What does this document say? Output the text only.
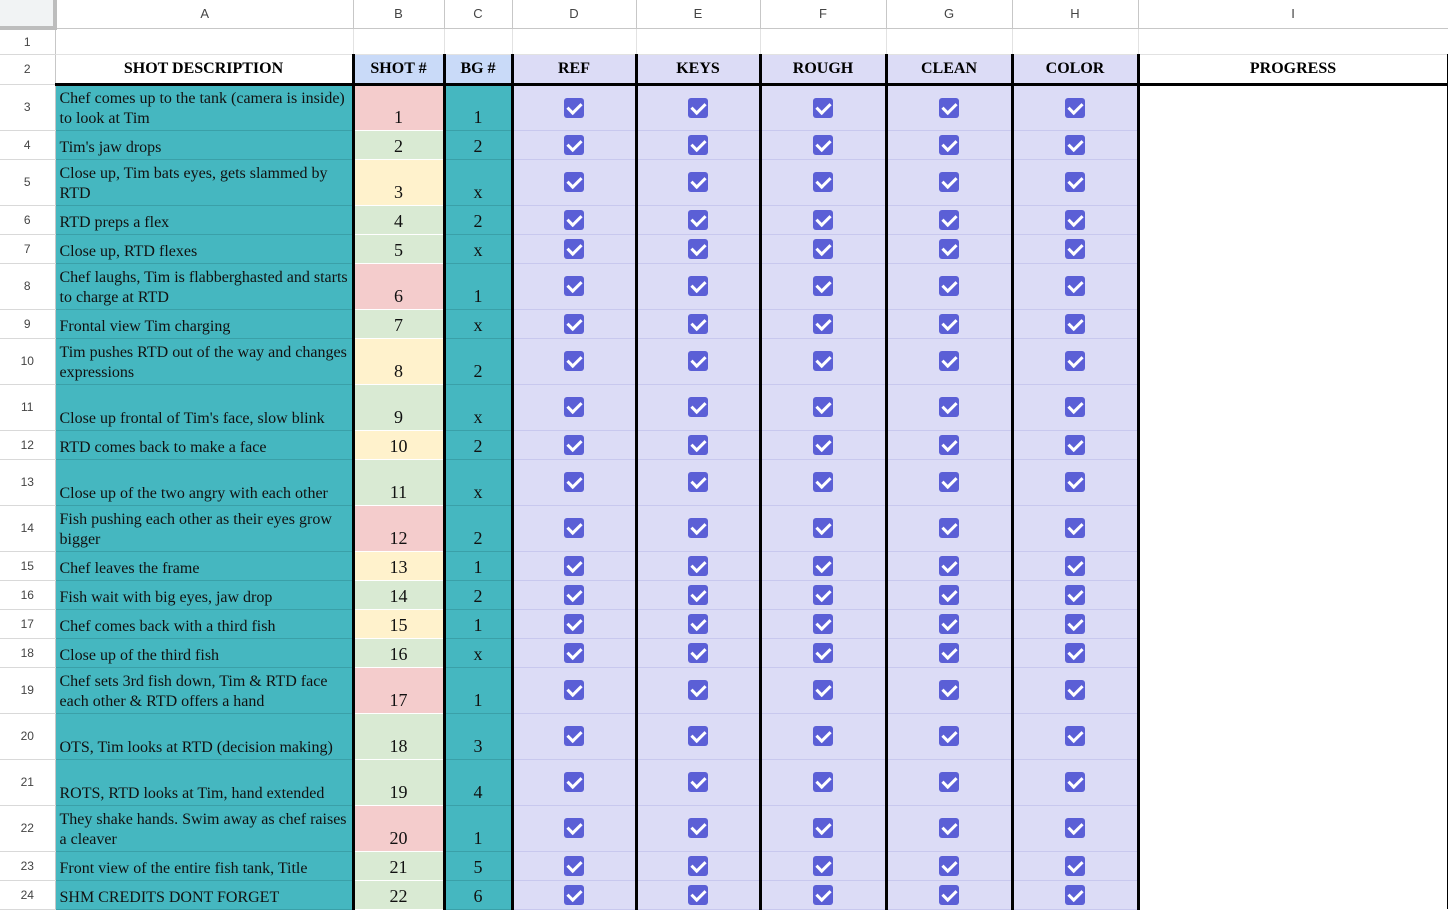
	A	B	C	D	E	F	G	H	I
1									
2	SHOT DESCRIPTION	SHOT #	BG #	REF	KEYS	ROUGH	CLEAN	COLOR	PROGRESS
3	Chef comes up to the tank (camera is inside) to look at Tim	1	1						

4	Tim's jaw drops	2	2						

5	Close up, Tim bats eyes, gets slammed by RTD	3	x						

6	RTD preps a flex	4	2						

7	Close up, RTD flexes	5	x						

8	Chef laughs, Tim is flabberghasted and starts to charge at RTD	6	1						

9	Frontal view Tim charging	7	x						

10	Tim pushes RTD out of the way and changes expressions	8	2						

11	Close up frontal of Tim's face, slow blink	9	x						

12	RTD comes back to make a face	10	2						

13	Close up of the two angry with each other	11	x						

14	Fish pushing each other as their eyes grow bigger	12	2						

15	Chef leaves the frame	13	1						

16	Fish wait with big eyes, jaw drop	14	2						

17	Chef comes back with a third fish	15	1						

18	Close up of the third fish	16	x						

19	Chef sets 3rd fish down, Tim & RTD face each other & RTD offers a hand	17	1						

20	OTS, Tim looks at RTD (decision making)	18	3						

21	ROTS, RTD looks at Tim, hand extended	19	4						

22	They shake hands. Swim away as chef raises a cleaver	20	1						

23	Front view of the entire fish tank, Title	21	5						

24	SHM CREDITS DONT FORGET	22	6						
